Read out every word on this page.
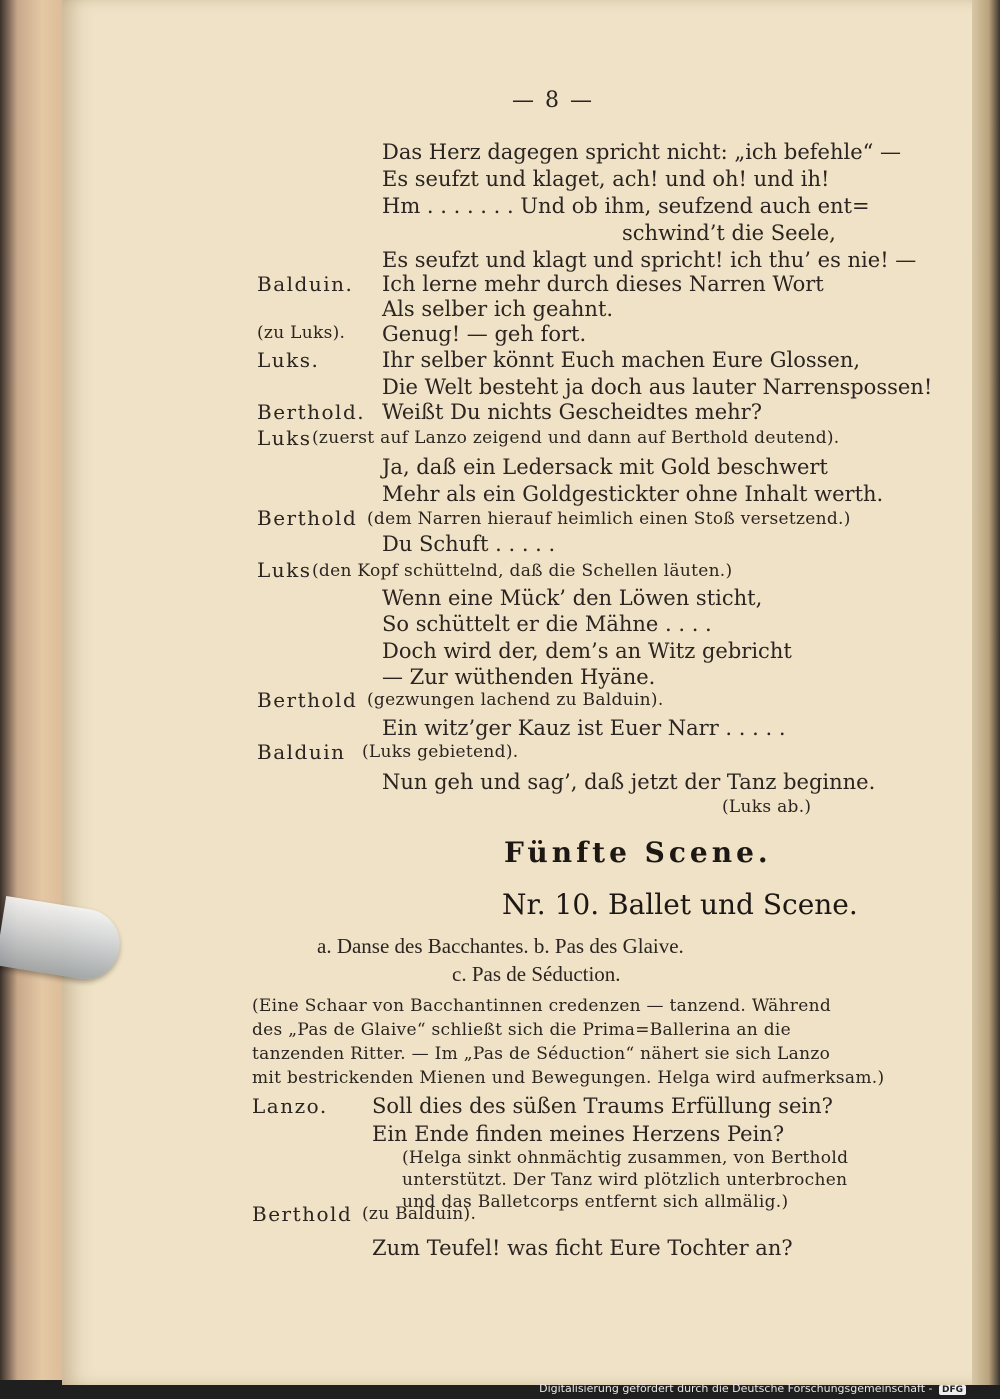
— 8 —
Das Herz dagegen spricht nicht: „ich befehle“ —
Es seufzt und klaget, ach! und oh! und ih!
Hm . . . . . . . Und ob ihm, seufzend auch ent=
schwind’t die Seele,
Es seufzt und klagt und spricht! ich thu’ es nie! —
Balduin. Ich lerne mehr durch dieses Narren Wort
Als selber ich geahnt.
(zu Luks). Genug! — geh fort.
Luks.	Ihr selber könnt Euch machen Eure Glossen,
Die Welt besteht ja doch aus lauter Narrenspossen!
Berthold. Weißt Du nichts Gescheidtes mehr?
Luks (zuerst auf Lanzo zeigend und dann auf Berthold deutend).
Ja, daß ein Ledersack mit Gold beschwert
Mehr als ein Goldgestickter ohne Inhalt werth.
Berthold (dem Narren hierauf heimlich einen Stoß versetzend.)
Du Schuft . . . . .
Luks (den Kopf schüttelnd, daß die Schellen läuten.)
Wenn eine Mück’ den Löwen sticht,
So schüttelt er die Mähne . . . .
Doch wird der, dem’s an Witz gebricht
— Zur wüthenden Hyäne.
Berthold (gezwungen lachend zu Balduin).
Ein witz’ger Kauz ist Euer Narr . . . . .
Balduin (Luks gebietend).
Nun geh und sag’, daß jetzt der Tanz beginne.
(Luks ab.)
Fünfte Scene.
Nr. 10. Ballet und Scene.
a. Danse des Bacchantes. b. Pas des Glaive.
c. Pas de Séduction.
(Eine Schaar von Bacchantinnen credenzen — tanzend. Während
des „Pas de Glaive“ schließt sich die Prima=Ballerina an die
tanzenden Ritter. — Im „Pas de Séduction“ nähert sie sich Lanzo
mit bestrickenden Mienen und Bewegungen. Helga wird aufmerksam.)
Lanzo. Soll dies des süßen Traums Erfüllung sein?
Ein Ende finden meines Herzens Pein?
(Helga sinkt ohnmächtig zusammen, von Berthold
unterstützt. Der Tanz wird plötzlich unterbrochen
und das Balletcorps entfernt sich allmälig.)
Berthold (zu Balduin).
Zum Teufel! was ficht Eure Tochter an?
Digitalisierung gefördert durch die Deutsche Forschungsgemeinschaft - DFG
